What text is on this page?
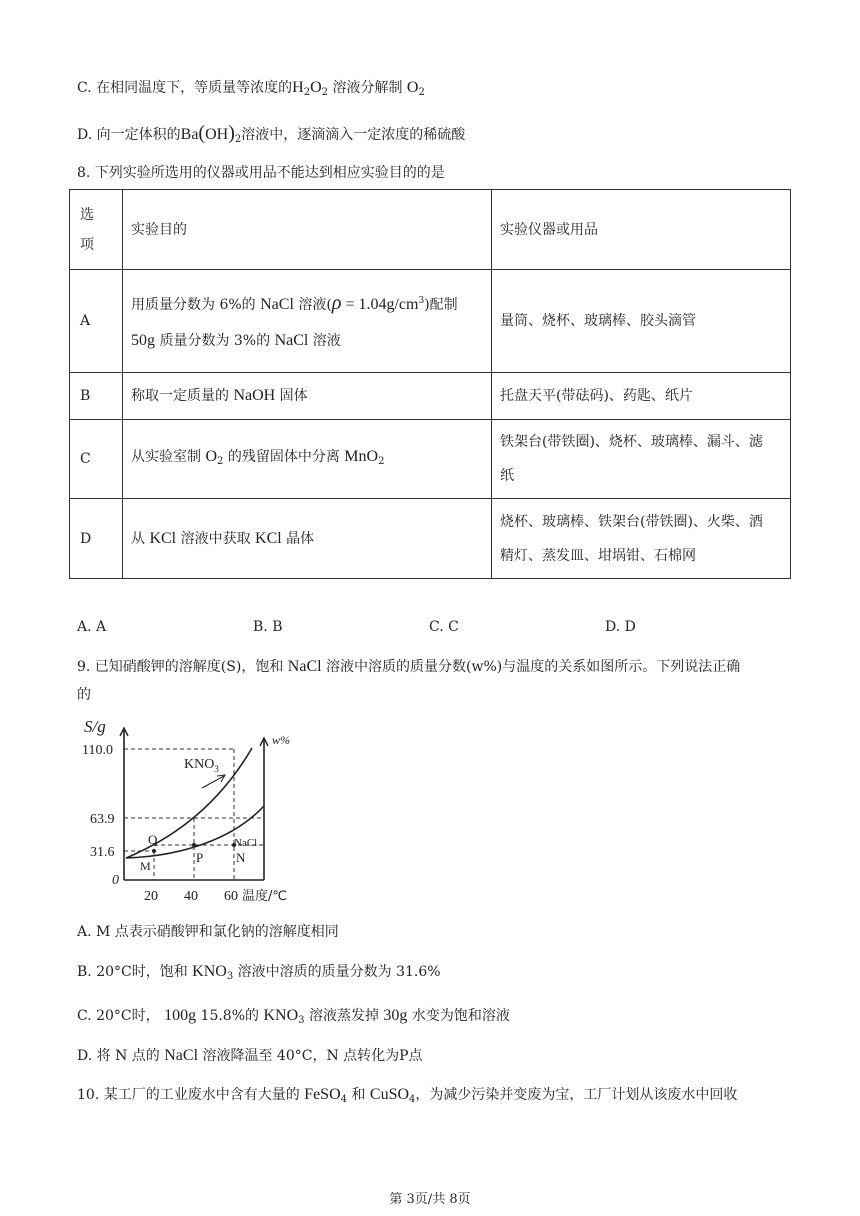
C. 在相同温度下，等质量等浓度的$H_2O_2$ 溶液分解制 $O_2$
D. 向一定体积的$Ba(OH)_2$溶液中，逐滴滴入一定浓度的稀硫酸
8. 下列实验所选用的仪器或用品不能达到相应实验目的的是
选
项	实验目的	实验仪器或用品
A	用质量分数为 6%的 NaCl 溶液$(\rho = 1.04g/cm^3)$配制
50g 质量分数为 3%的 NaCl 溶液	量筒、烧杯、玻璃棒、胶头滴管
B	称取一定质量的 NaOH 固体	托盘天平(带砝码)、药匙、纸片
C	从实验室制 $O_2$ 的残留固体中分离 MnO$_2$	铁架台(带铁圈)、烧杯、玻璃棒、漏斗、滤
纸

D	从 KCl 溶液中获取 KCl 晶体	烧杯、玻璃棒、铁架台(带铁圈)、火柴、酒
精灯、蒸发皿、坩埚钳、石棉网
A. A	B. B	C. C	D. D
9. 已知硝酸钾的溶解度(S)，饱和 NaCl 溶液中溶质的质量分数(w%)与温度的关系如图所示。下列说法正确
的
S/g
w%
110.0
63.9
31.6
0
20 40 60 温度/℃
$KNO_3$
NaCl
Q
M
P	N
A. M 点表示硝酸钾和氯化钠的溶解度相同
B. 20°C时，饱和 $KNO_3$ 溶液中溶质的质量分数为 31.6%
C. 20°C时， 100g 15.8%的 $KNO_3$ 溶液蒸发掉 30g 水变为饱和溶液
D. 将 N 点的 NaCl 溶液降温至 40°C，N 点转化为P点
10. 某工厂的工业废水中含有大量的 FeSO$_4$ 和 CuSO$_4$，为减少污染并变废为宝，工厂计划从该废水中回收
第 3页/共 8页
